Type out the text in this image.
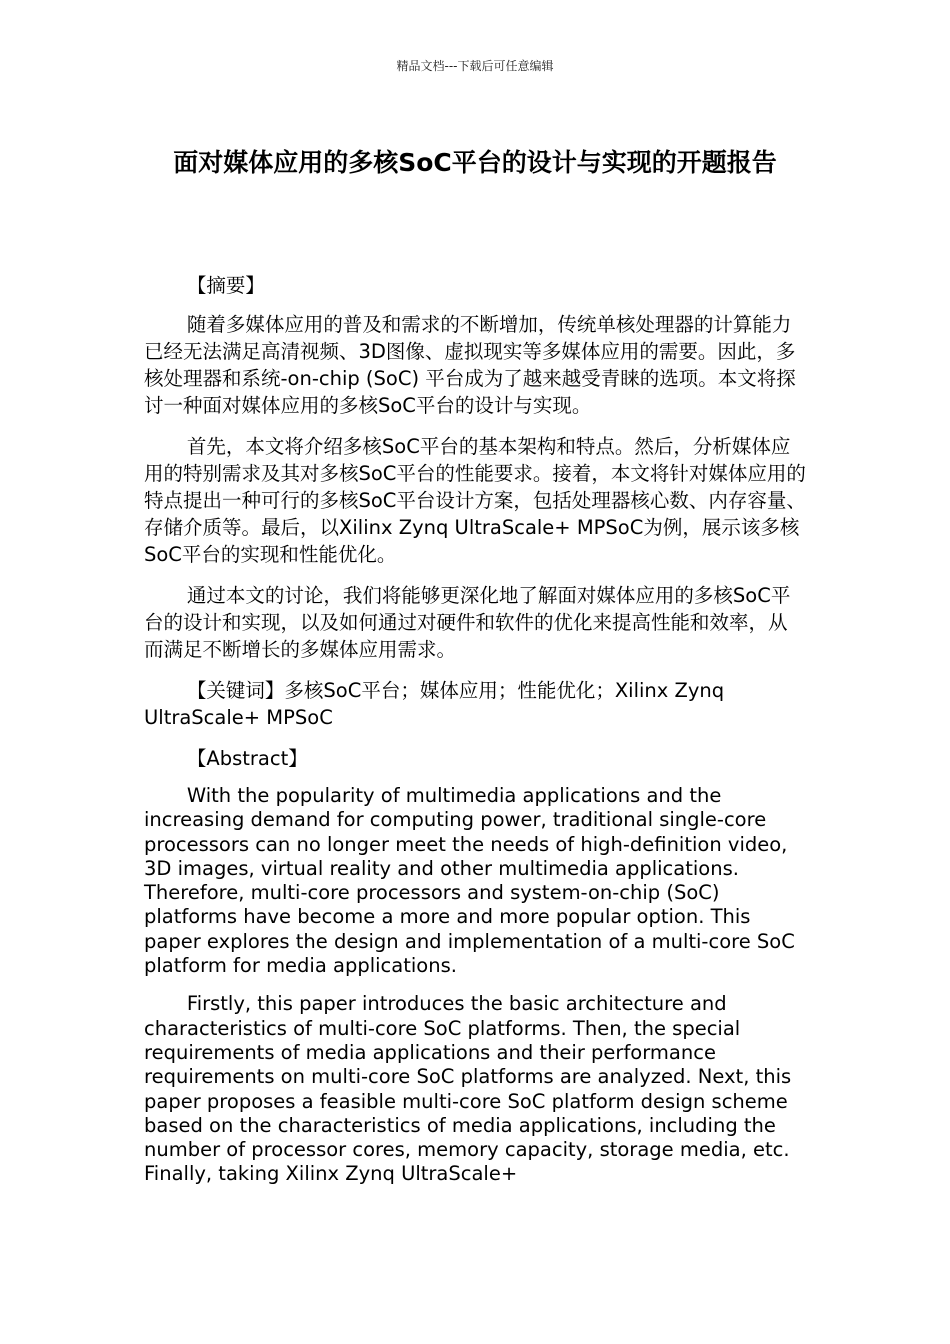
精品文档---下载后可任意编辑
面对媒体应用的多核SoC平台的设计与实现的开题报告

【摘要】

随着多媒体应用的普及和需求的不断增加，传统单核处理器的计算能力已经无法满足高清视频、3D图像、虚拟现实等多媒体应用的需要。因此，多核处理器和系统-on-chip (SoC) 平台成为了越来越受青睐的选项。本文将探讨一种面对媒体应用的多核SoC平台的设计与实现。

首先，本文将介绍多核SoC平台的基本架构和特点。然后，分析媒体应用的特别需求及其对多核SoC平台的性能要求。接着，本文将针对媒体应用的特点提出一种可行的多核SoC平台设计方案，包括处理器核心数、内存容量、存储介质等。最后，以Xilinx Zynq UltraScale+ MPSoC为例，展示该多核SoC平台的实现和性能优化。

通过本文的讨论，我们将能够更深化地了解面对媒体应用的多核SoC平台的设计和实现，以及如何通过对硬件和软件的优化来提高性能和效率，从而满足不断增长的多媒体应用需求。

【关键词】多核SoC平台；媒体应用；性能优化；Xilinx Zynq UltraScale+ MPSoC

【Abstract】

With the popularity of multimedia applications and the increasing demand for computing power, traditional single-core processors can no longer meet the needs of high-definition video, 3D images, virtual reality and other multimedia applications. Therefore, multi-core processors and system-on-chip (SoC) platforms have become a more and more popular option. This paper explores the design and implementation of a multi-core SoC platform for media applications.

Firstly, this paper introduces the basic architecture and characteristics of multi-core SoC platforms. Then, the special requirements of media applications and their performance requirements on multi-core SoC platforms are analyzed. Next, this paper proposes a feasible multi-core SoC platform design scheme based on the characteristics of media applications, including the number of processor cores, memory capacity, storage media, etc. Finally, taking Xilinx Zynq UltraScale+
